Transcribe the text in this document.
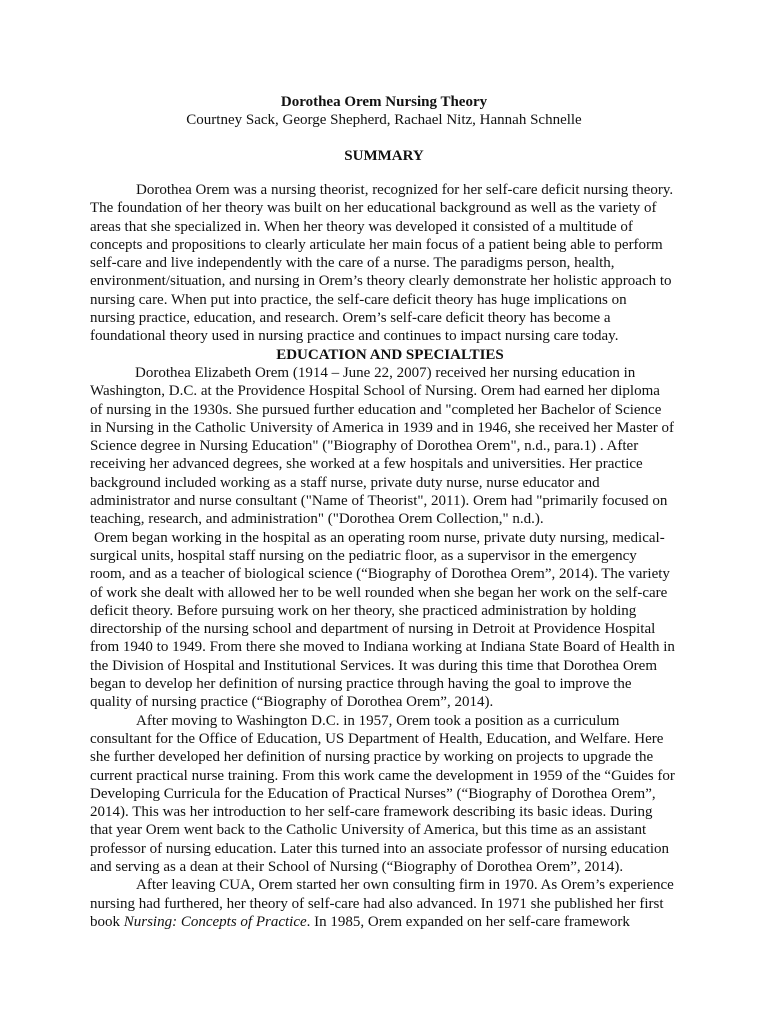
Dorothea Orem Nursing Theory
Courtney Sack, George Shepherd, Rachael Nitz, Hannah Schnelle
SUMMARY
Dorothea Orem was a nursing theorist, recognized for her self-care deficit nursing theory.
The foundation of her theory was built on her educational background as well as the variety of
areas that she specialized in. When her theory was developed it consisted of a multitude of
concepts and propositions to clearly articulate her main focus of a patient being able to perform
self-care and live independently with the care of a nurse. The paradigms person, health,
environment/situation, and nursing in Orem’s theory clearly demonstrate her holistic approach to
nursing care. When put into practice, the self-care deficit theory has huge implications on
nursing practice, education, and research. Orem’s self-care deficit theory has become a
foundational theory used in nursing practice and continues to impact nursing care today.
EDUCATION AND SPECIALTIES
Dorothea Elizabeth Orem (1914 – June 22, 2007) received her nursing education in
Washington, D.C. at the Providence Hospital School of Nursing. Orem had earned her diploma
of nursing in the 1930s. She pursued further education and "completed her Bachelor of Science
in Nursing in the Catholic University of America in 1939 and in 1946, she received her Master of
Science degree in Nursing Education" ("Biography of Dorothea Orem", n.d., para.1) . After
receiving her advanced degrees, she worked at a few hospitals and universities. Her practice
background included working as a staff nurse, private duty nurse, nurse educator and
administrator and nurse consultant ("Name of Theorist", 2011). Orem had "primarily focused on
teaching, research, and administration" ("Dorothea Orem Collection," n.d.).
Orem began working in the hospital as an operating room nurse, private duty nursing, medical-
surgical units, hospital staff nursing on the pediatric floor, as a supervisor in the emergency
room, and as a teacher of biological science (“Biography of Dorothea Orem”, 2014). The variety
of work she dealt with allowed her to be well rounded when she began her work on the self-care
deficit theory. Before pursuing work on her theory, she practiced administration by holding
directorship of the nursing school and department of nursing in Detroit at Providence Hospital
from 1940 to 1949. From there she moved to Indiana working at Indiana State Board of Health in
the Division of Hospital and Institutional Services. It was during this time that Dorothea Orem
began to develop her definition of nursing practice through having the goal to improve the
quality of nursing practice (“Biography of Dorothea Orem”, 2014).
After moving to Washington D.C. in 1957, Orem took a position as a curriculum
consultant for the Office of Education, US Department of Health, Education, and Welfare. Here
she further developed her definition of nursing practice by working on projects to upgrade the
current practical nurse training. From this work came the development in 1959 of the “Guides for
Developing Curricula for the Education of Practical Nurses” (“Biography of Dorothea Orem”,
2014). This was her introduction to her self-care framework describing its basic ideas. During
that year Orem went back to the Catholic University of America, but this time as an assistant
professor of nursing education. Later this turned into an associate professor of nursing education
and serving as a dean at their School of Nursing (“Biography of Dorothea Orem”, 2014).
After leaving CUA, Orem started her own consulting firm in 1970. As Orem’s experience
nursing had furthered, her theory of self-care had also advanced. In 1971 she published her first
book Nursing: Concepts of Practice. In 1985, Orem expanded on her self-care framework
